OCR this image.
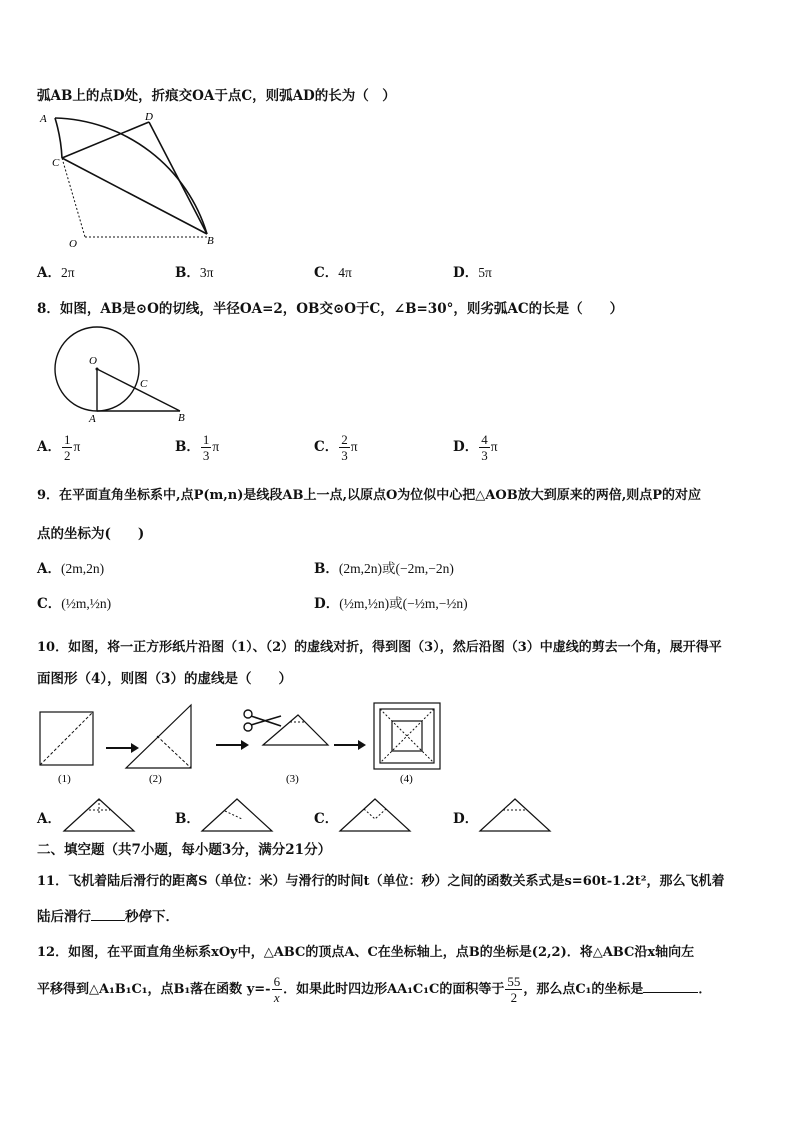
弧AB上的点D处，折痕交OA于点C，则弧AD的长为（　）
A	D
C
O	B
A．2π	B．3π	C．4π	D．5π
8．如图，AB是⊙O的切线，半径OA=2，OB交⊙O于C，∠B=30°，则劣弧AC的长是（　　）
O
C
A	B
A． $\frac{1}{2}$ π	B． $\frac{1}{3}$ π	C． $\frac{2}{3}$ π	D． $\frac{4}{3}$ π
9．在平面直角坐标系中,点P(m,n)是线段AB上一点,以原点O为位似中心把△AOB放大到原来的两倍,则点P的对应
点的坐标为(　　)
A．(2m,2n)	B．(2m,2n)或(−2m,−2n)
C．(½m,½n)	D．(½m,½n)或(−½m,−½n)
10．如图，将一正方形纸片沿图（1）、（2）的虚线对折，得到图（3），然后沿图（3）中虚线的剪去一个角，展开得平
面图形（4），则图（3）的虚线是（　　）
(1)	(2)	(3)	(4)
A．	B．	C．	D．
二、填空题（共7小题，每小题3分，满分21分）
11．飞机着陆后滑行的距离S（单位：米）与滑行的时间t（单位：秒）之间的函数关系式是s=60t-1.2t²，那么飞机着
陆后滑行	秒停下．
12．如图，在平面直角坐标系xOy中，△ABC的顶点A、C在坐标轴上，点B的坐标是(2,2)．将△ABC沿x轴向左
平移得到△A₁B₁C₁，点B₁落在函数 $y=- \frac{6}{x}$ ．如果此时四边形AA₁C₁C的面积等于 $\frac{55}{2}$ ，那么点C₁的坐标是	．
